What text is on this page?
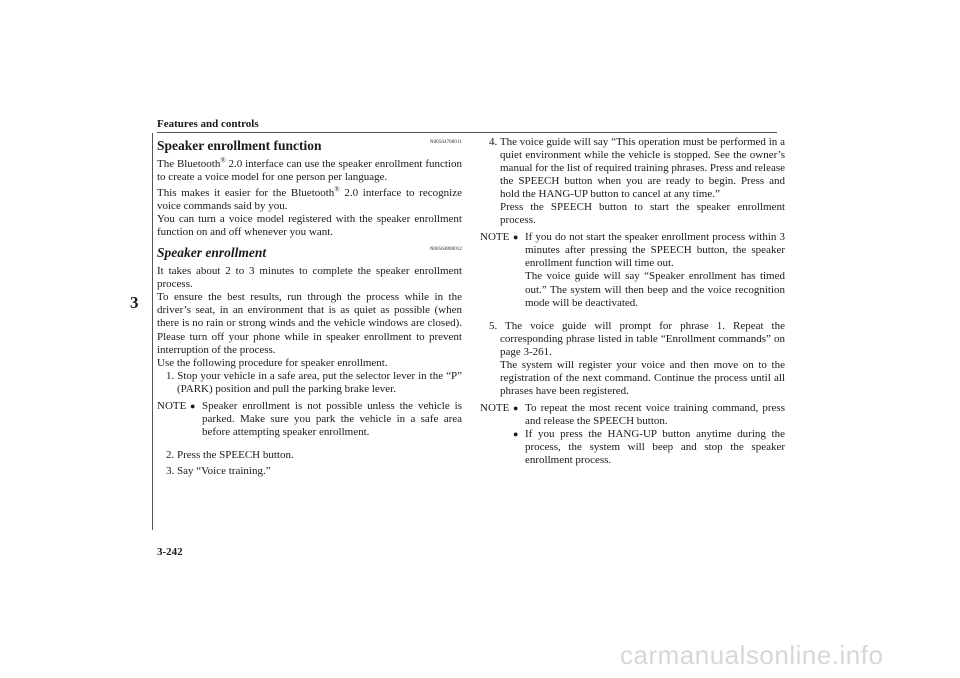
Features and controls
3
3-242
Speaker enrollment function	N00564700011

The Bluetooth® 2.0 interface can use the speaker enrollment function to create a voice model for one person per language.

This makes it easier for the Bluetooth® 2.0 interface to recognize voice commands said by you.

You can turn a voice model registered with the speaker enrollment function on and off whenever you want.

Speaker enrollment	N00564800012

It takes about 2 to 3 minutes to complete the speaker enrollment process.

To ensure the best results, run through the process while in the driver’s seat, in an environment that is as quiet as possible (when there is no rain or strong winds and the vehicle windows are closed). Please turn off your phone while in speaker enrollment to prevent interruption of the process.

Use the following procedure for speaker enrollment.

1. Stop your vehicle in a safe area, put the selector lever in the “P” (PARK) position and pull the parking brake lever.

NOTE ● Speaker enrollment is not possible unless the vehicle is parked. Make sure you park the vehicle in a safe area before attempting speaker enrollment.

2. Press the SPEECH button.

3. Say “Voice training.”

4. The voice guide will say “This operation must be performed in a quiet environment while the vehicle is stopped. See the owner’s manual for the list of required training phrases. Press and release the SPEECH button when you are ready to begin. Press and hold the HANG-UP button to cancel at any time.”

Press the SPEECH button to start the speaker enrollment process.

NOTE ● If you do not start the speaker enrollment process within 3 minutes after pressing the SPEECH button, the speaker enrollment function will time out.
The voice guide will say “Speaker enrollment has timed out.” The system will then beep and the voice recognition mode will be deactivated.

5. The voice guide will prompt for phrase 1. Repeat the corresponding phrase listed in table “Enrollment commands” on page 3-261.

The system will register your voice and then move on to the registration of the next command. Continue the process until all phrases have been registered.

NOTE ● To repeat the most recent voice training command, press and release the SPEECH button.
● If you press the HANG-UP button anytime during the process, the system will beep and stop the speaker enrollment process.
carmanualsonline.info
